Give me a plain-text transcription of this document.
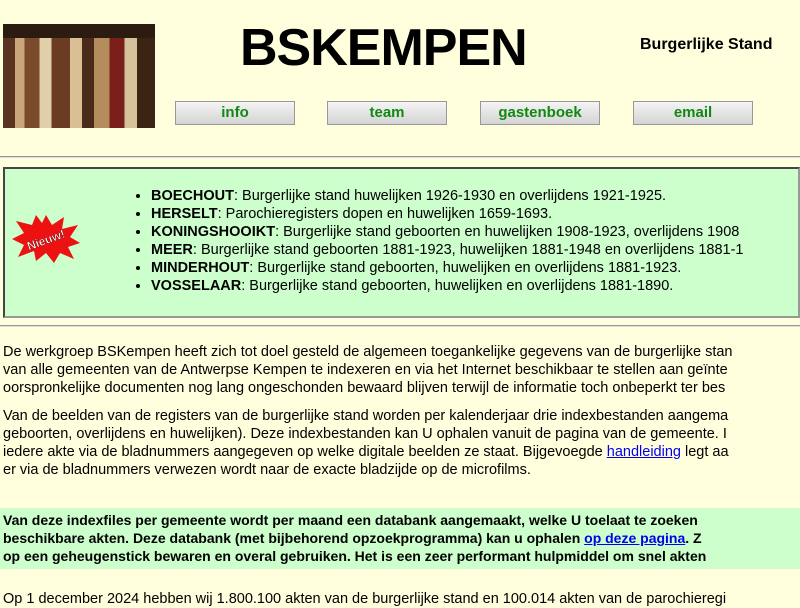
BSKEMPEN	Burgerlijke Stand
info	team	gastenboek	email
Nieuw!
• BOECHOUT: Burgerlijke stand huwelijken 1926-1930 en overlijdens 1921-1925.
• HERSELT: Parochieregisters dopen en huwelijken 1659-1693.
• KONINGSHOOIKT: Burgerlijke stand geboorten en huwelijken 1908-1923, overlijdens 1908
• MEER: Burgerlijke stand geboorten 1881-1923, huwelijken 1881-1948 en overlijdens 1881-1
• MINDERHOUT: Burgerlijke stand geboorten, huwelijken en overlijdens 1881-1923.
• VOSSELAAR: Burgerlijke stand geboorten, huwelijken en overlijdens 1881-1890.
De werkgroep BSKempen heeft zich tot doel gesteld de algemeen toegankelijke gegevens van de burgerlijke stan
van alle gemeenten van de Antwerpse Kempen te indexeren en via het Internet beschikbaar te stellen aan geïnte
oorspronkelijke documenten nog lang ongeschonden bewaard blijven terwijl de informatie toch onbeperkt ter bes
Van de beelden van de registers van de burgerlijke stand worden per kalenderjaar drie indexbestanden aangema
geboorten, overlijdens en huwelijken). Deze indexbestanden kan U ophalen vanuit de pagina van de gemeente. I
iedere akte via de bladnummers aangegeven op welke digitale beelden ze staat. Bijgevoegde handleiding legt aa
er via de bladnummers verwezen wordt naar de exacte bladzijde op de microfilms.
Van deze indexfiles per gemeente wordt per maand een databank aangemaakt, welke U toelaat te zoeken
beschikbare akten. Deze databank (met bijbehorend opzoekprogramma) kan u ophalen op deze pagina. Z
op een geheugenstick bewaren en overal gebruiken. Het is een zeer performant hulpmiddel om snel akten
Op 1 december 2024 hebben wij 1.800.100 akten van de burgerlijke stand en 100.014 akten van de parochieregi
